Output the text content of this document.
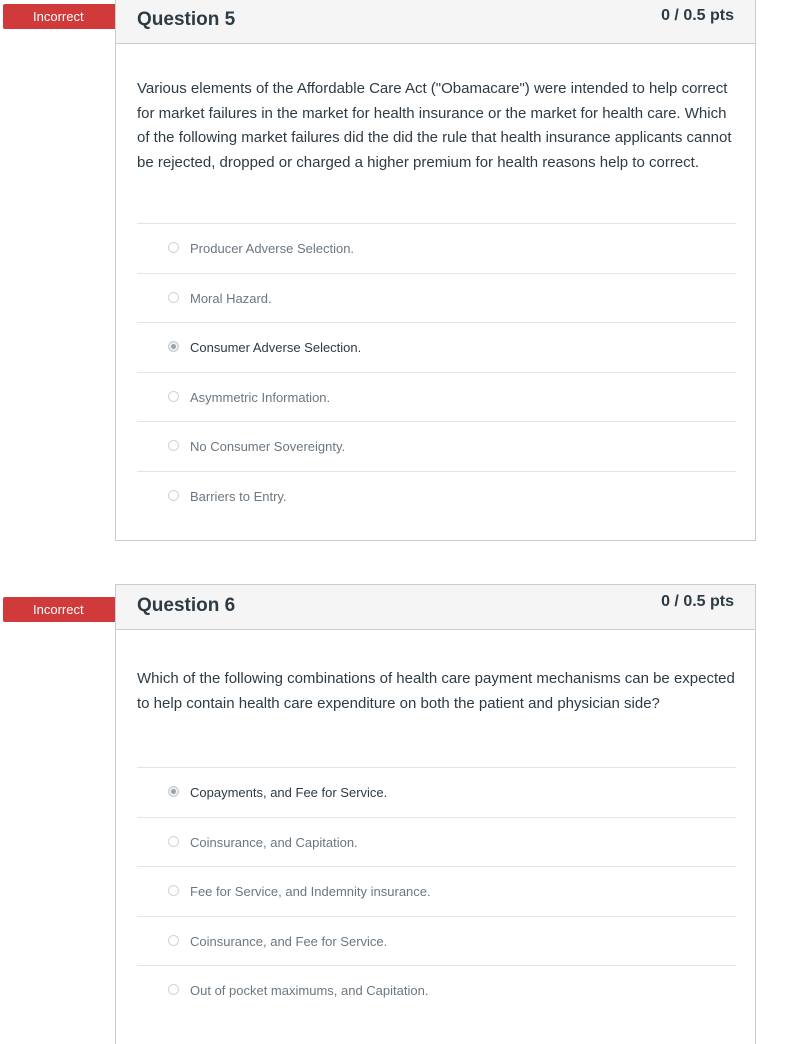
Incorrect	Question 5	0 / 0.5 pts
Various elements of the Affordable Care Act ("Obamacare") were intended to help correct for market failures in the market for health insurance or the market for health care. Which of the following market failures did the did the rule that health insurance applicants cannot be rejected, dropped or charged a higher premium for health reasons help to correct.
Producer Adverse Selection.
Moral Hazard.
Consumer Adverse Selection.
Asymmetric Information.
No Consumer Sovereignty.
Barriers to Entry.
Incorrect	Question 6	0 / 0.5 pts
Which of the following combinations of health care payment mechanisms can be expected to help contain health care expenditure on both the patient and physician side?
Copayments, and Fee for Service.
Coinsurance, and Capitation.
Fee for Service, and Indemnity insurance.
Coinsurance, and Fee for Service.
Out of pocket maximums, and Capitation.
